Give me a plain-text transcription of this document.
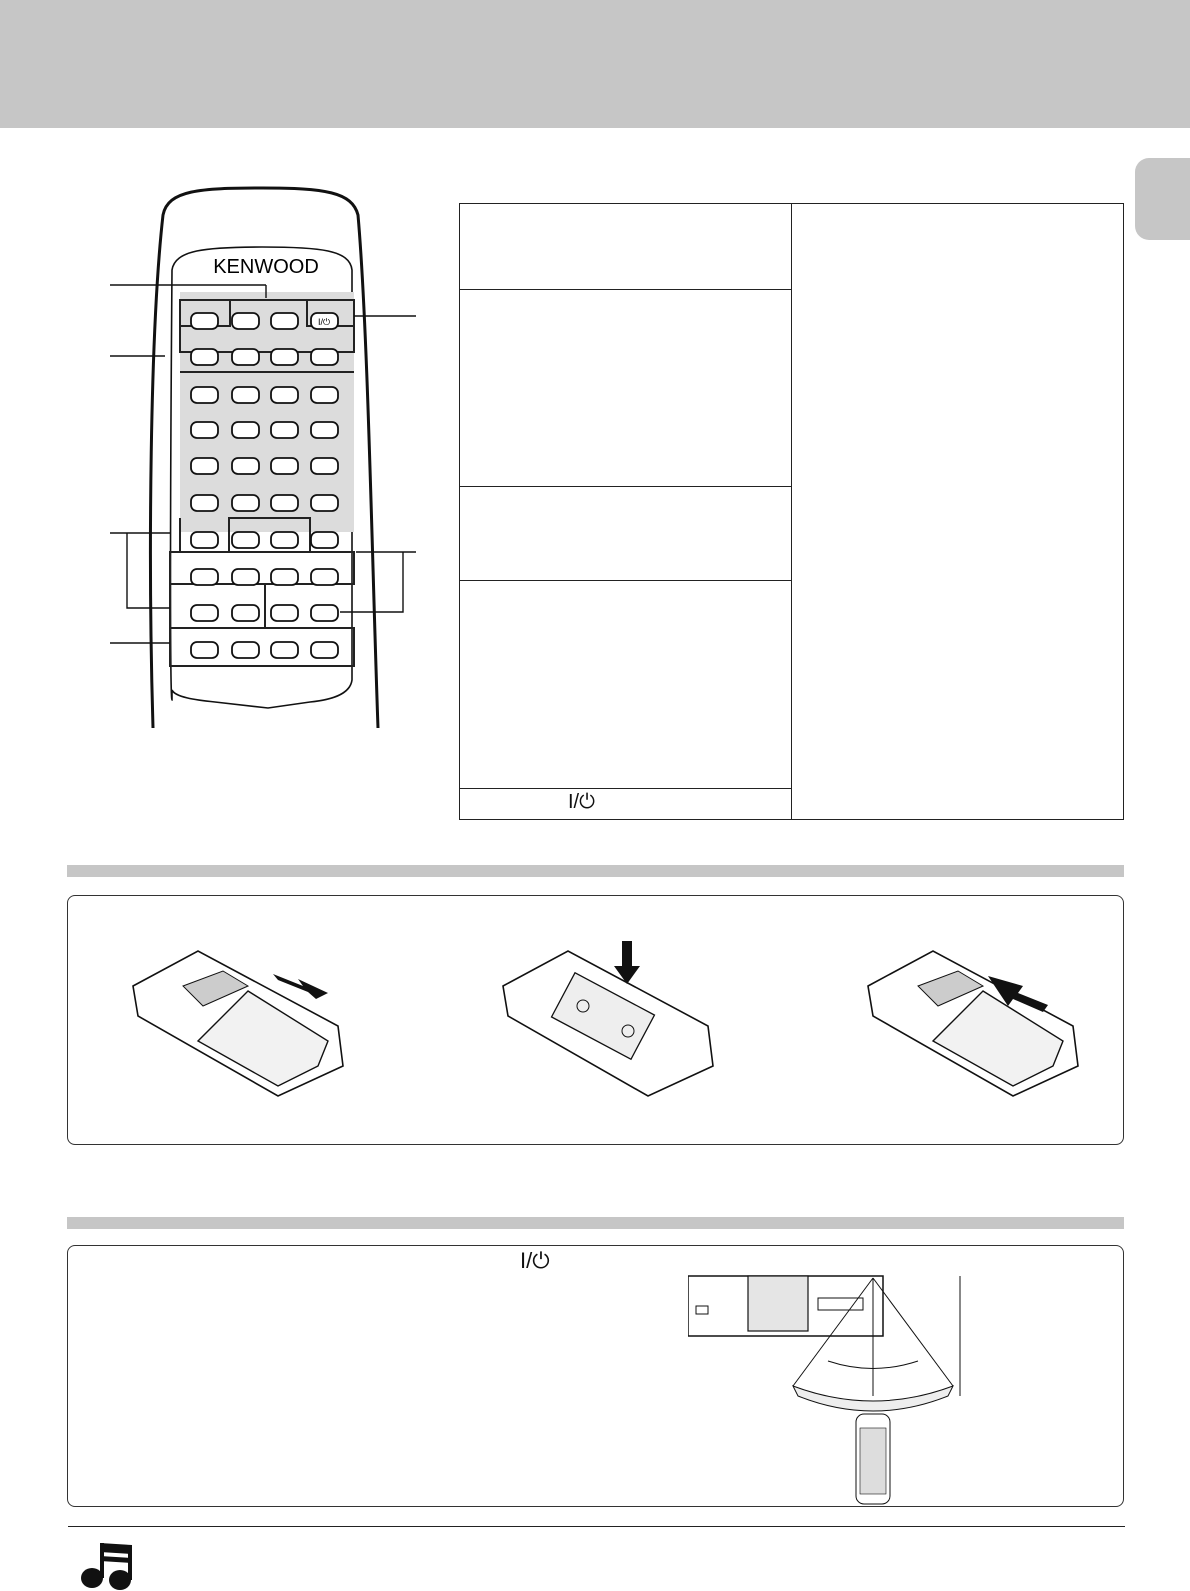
KENWOOD
I/⏻
I/⏻
I/⏻
